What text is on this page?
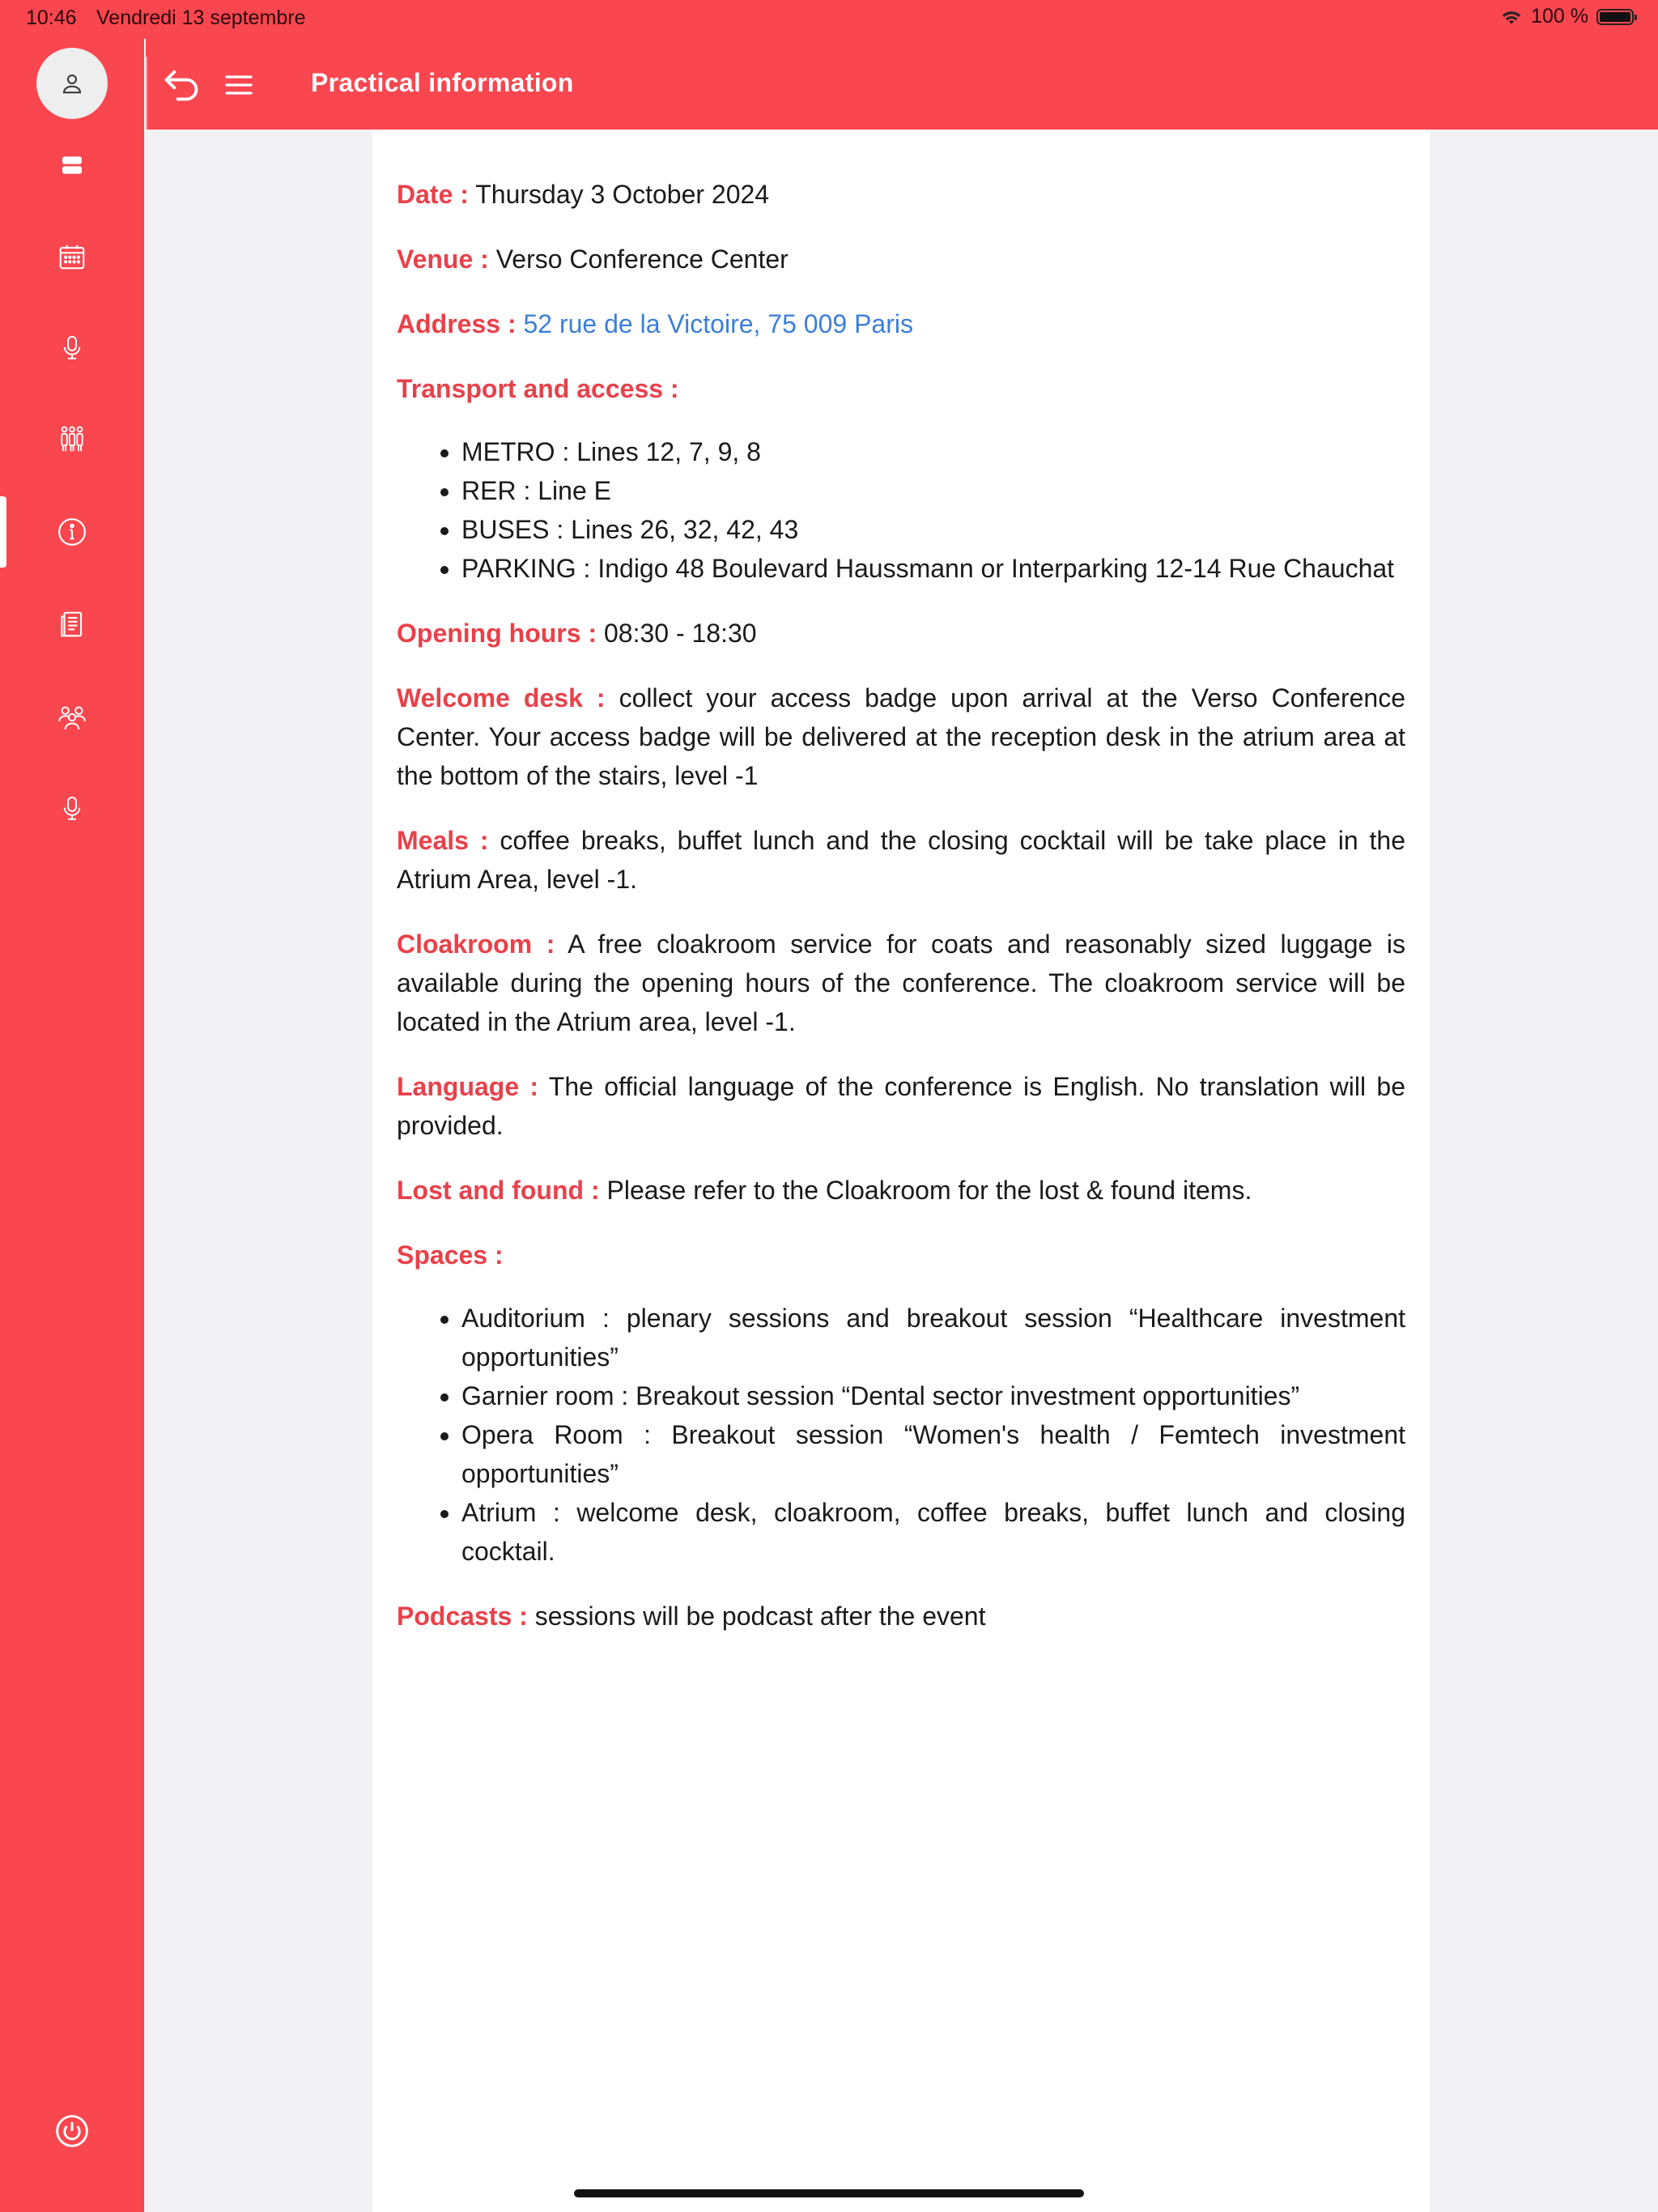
Practical information
10:46 Vendredi 13 septembre	100 %

Date : Thursday 3 October 2024

Venue : Verso Conference Center

Address : 52 rue de la Victoire, 75 009 Paris

Transport and access :

• METRO : Lines 12, 7, 9, 8
• RER : Line E
• BUSES : Lines 26, 32, 42, 43
• PARKING : Indigo 48 Boulevard Haussmann or Interparking 12-14 Rue Chauchat

Opening hours : 08:30 - 18:30

Welcome desk : collect your access badge upon arrival at the Verso Conference Center. Your access badge will be delivered at the reception desk in the atrium area at the bottom of the stairs, level -1

Meals : coffee breaks, buffet lunch and the closing cocktail will be take place in the Atrium Area, level -1.

Cloakroom : A free cloakroom service for coats and reasonably sized luggage is available during the opening hours of the conference. The cloakroom service will be located in the Atrium area, level -1.

Language : The official language of the conference is English. No translation will be provided.

Lost and found : Please refer to the Cloakroom for the lost & found items.

Spaces :

• Auditorium : plenary sessions and breakout session “Healthcare investment opportunities”
• Garnier room : Breakout session “Dental sector investment opportunities”
• Opera Room : Breakout session “Women's health / Femtech investment opportunities”
• Atrium : welcome desk, cloakroom, coffee breaks, buffet lunch and closing cocktail.

Podcasts : sessions will be podcast after the event
